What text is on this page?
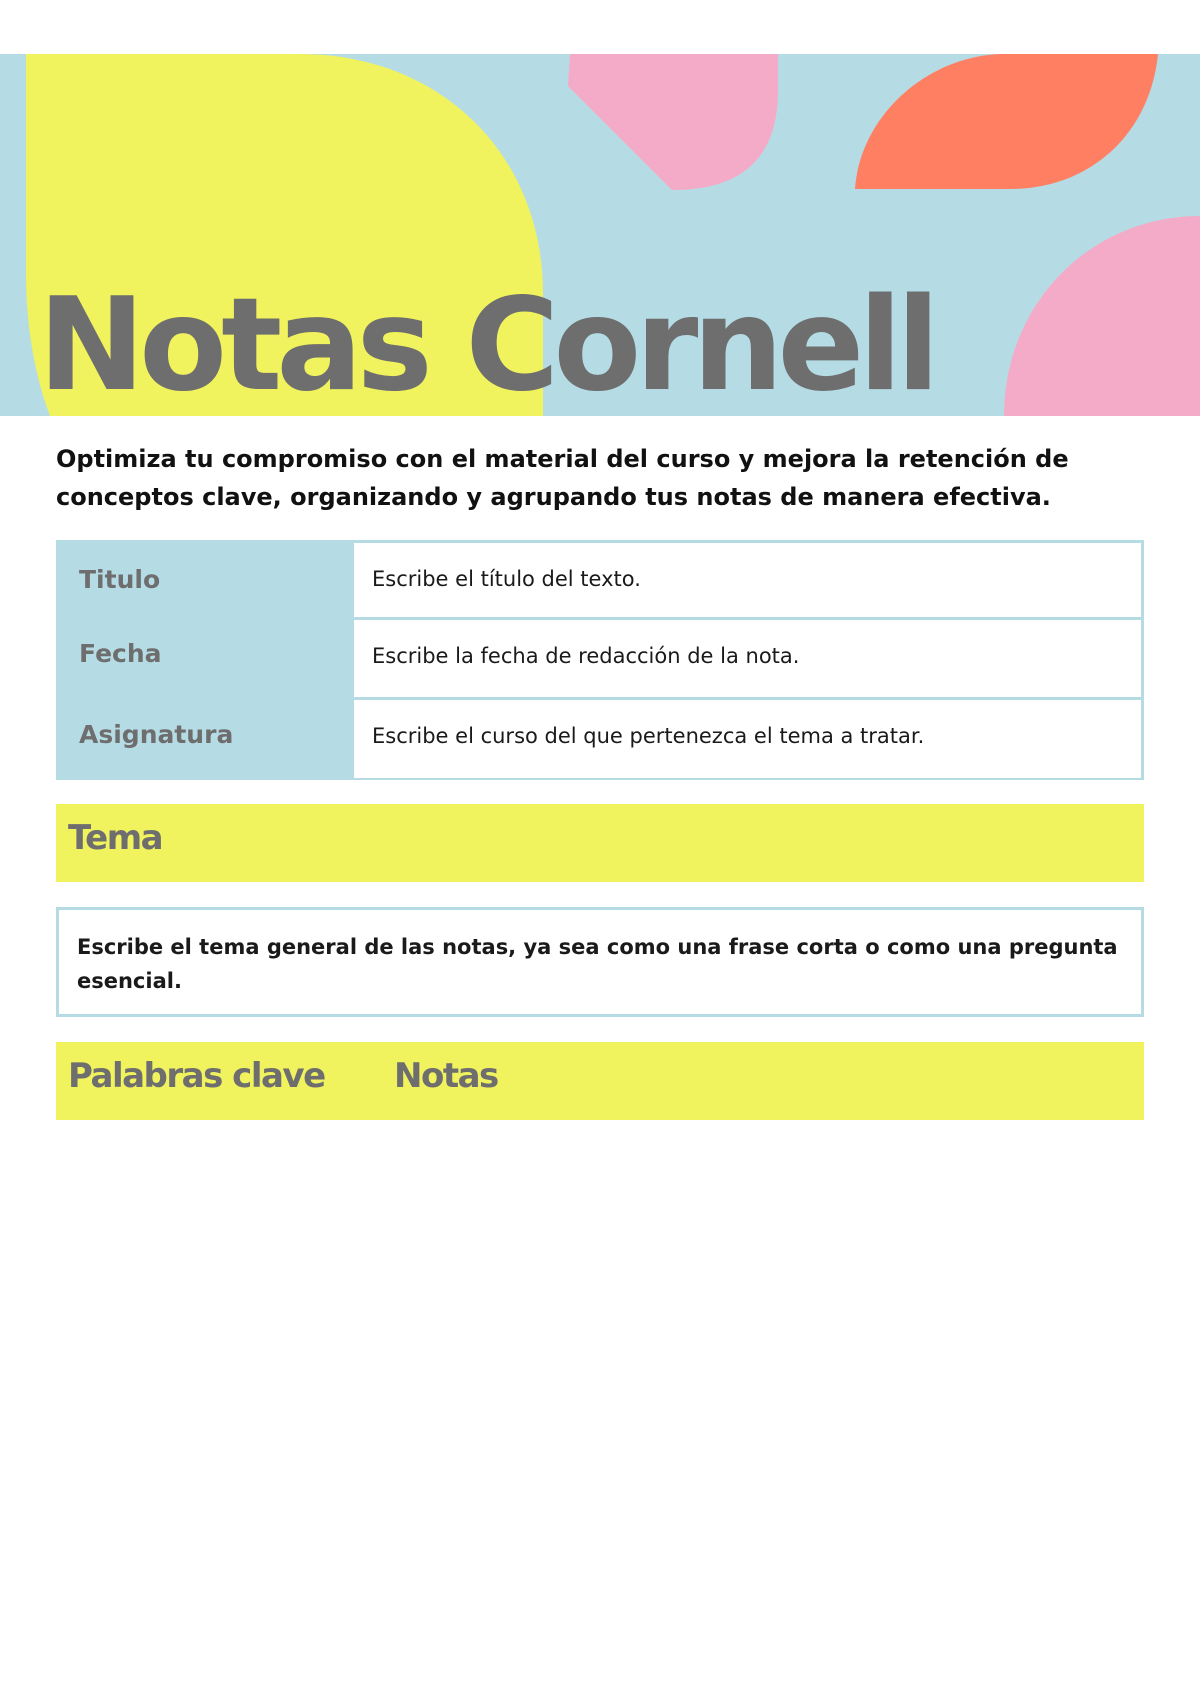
Notas Cornell

Optimiza tu compromiso con el material del curso y mejora la retención de conceptos clave, organizando y agrupando tus notas de manera efectiva.

Titulo	Escribe el título del texto.
Fecha	Escribe la fecha de redacción de la nota.
Asignatura	Escribe el curso del que pertenezca el tema a tratar.
Tema
Escribe el tema general de las notas, ya sea como una frase corta o como una pregunta esencial.
Palabras clave Notas
